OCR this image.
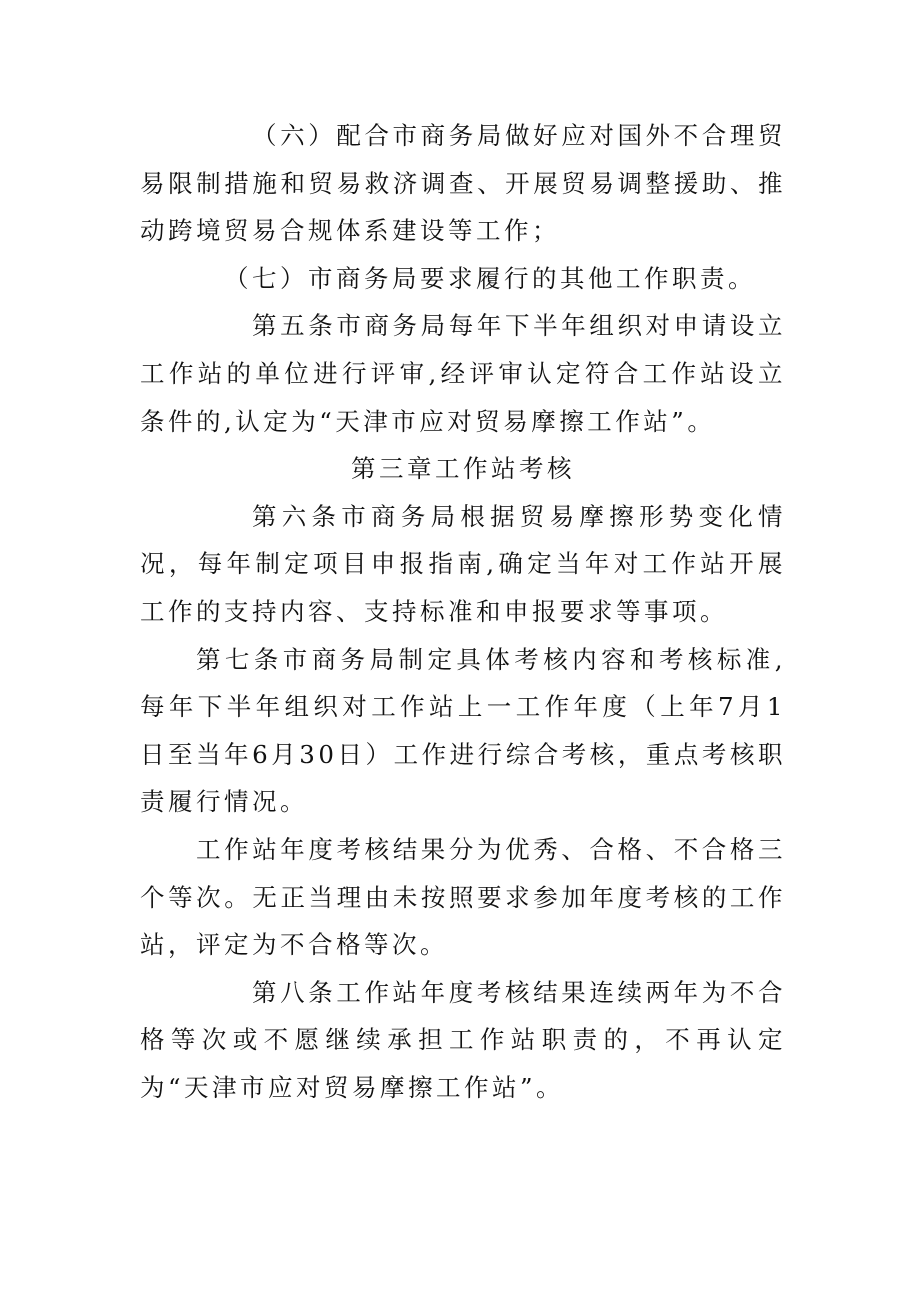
（六）配合市商务局做好应对国外不合理贸易限制措施和贸易救济调查、开展贸易调整援助、推动跨境贸易合规体系建设等工作；

（七）市商务局要求履行的其他工作职责。

第五条市商务局每年下半年组织对申请设立工作站的单位进行评审,经评审认定符合工作站设立条件的,认定为“天津市应对贸易摩擦工作站”。

第三章工作站考核

第六条市商务局根据贸易摩擦形势变化情况，每年制定项目申报指南,确定当年对工作站开展工作的支持内容、支持标准和申报要求等事项。

第七条市商务局制定具体考核内容和考核标准,每年下半年组织对工作站上一工作年度（上年7月1日至当年6月30日）工作进行综合考核，重点考核职责履行情况。

工作站年度考核结果分为优秀、合格、不合格三个等次。无正当理由未按照要求参加年度考核的工作站，评定为不合格等次。

第八条工作站年度考核结果连续两年为不合格等次或不愿继续承担工作站职责的，不再认定为“天津市应对贸易摩擦工作站”。
